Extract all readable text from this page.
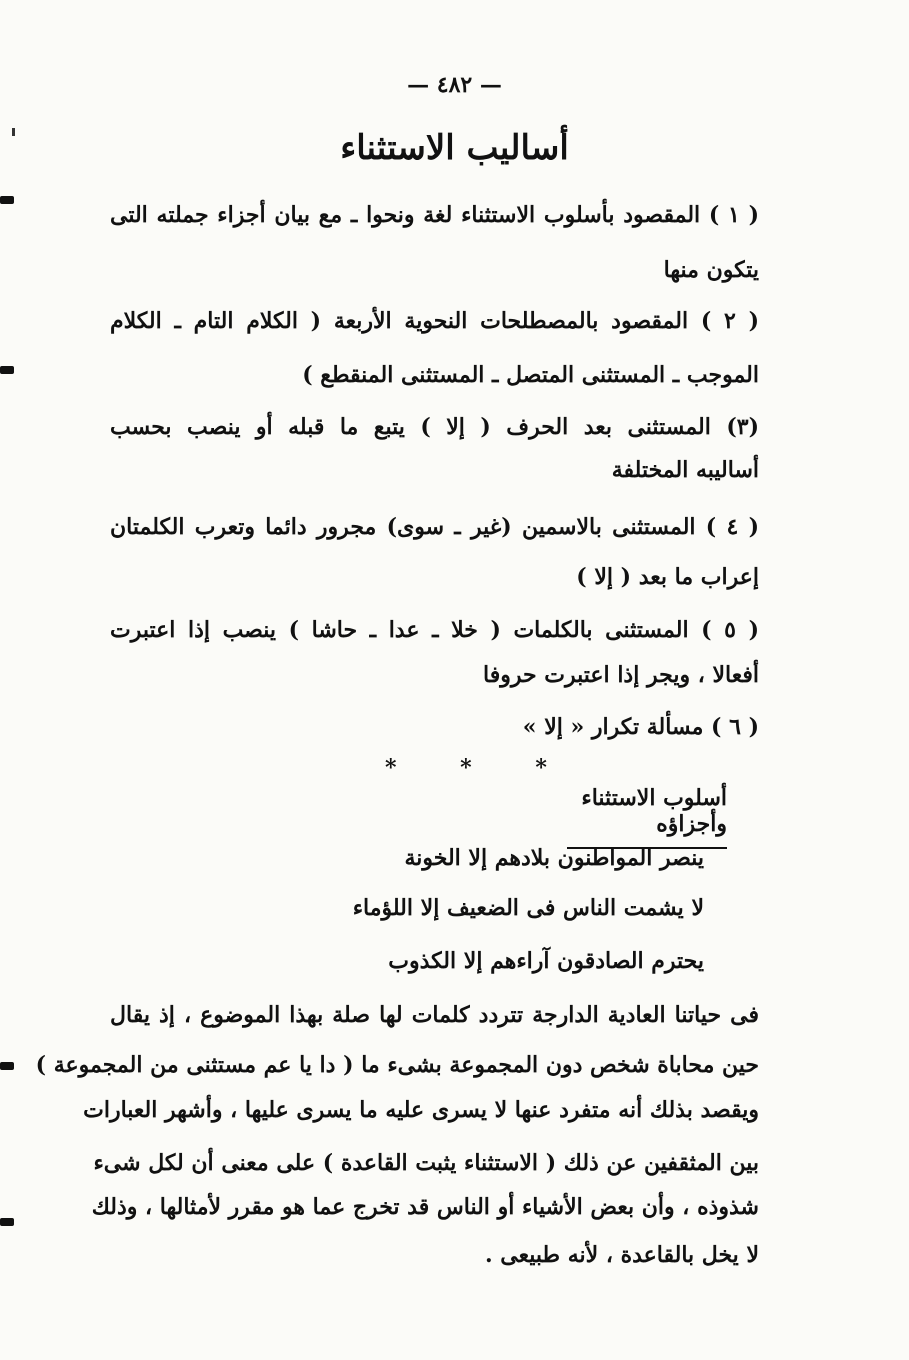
— ٤٨٢ —
أساليب الاستثناء
( ١ ) المقصود بأسلوب الاستثناء لغة ونحوا ـ مع بيان أجزاء جملته التى
يتكون منها
( ٢ ) المقصود بالمصطلحات النحوية الأربعة ( الكلام التام ـ الكلام
الموجب ـ المستثنى المتصل ـ المستثنى المنقطع )
(٣) المستثنى بعد الحرف ( إلا ) يتبع ما قبله أو ينصب بحسب
أساليبه المختلفة
( ٤ ) المستثنى بالاسمين (غير ـ سوى) مجرور دائما وتعرب الكلمتان
إعراب ما بعد ( إلا )
( ٥ ) المستثنى بالكلمات ( خلا ـ عدا ـ حاشا ) ينصب إذا اعتبرت
أفعالا ، ويجر إذا اعتبرت حروفا
( ٦ ) مسألة تكرار « إلا »
* * *
أسلوب الاستثناء وأجزاؤه
ينصر المواطنون بلادهم إلا الخونة
لا يشمت الناس فى الضعيف إلا اللؤماء
يحترم الصادقون آراءهم إلا الكذوب
فى حياتنا العادية الدارجة تتردد كلمات لها صلة بهذا الموضوع ، إذ يقال
حين محاباة شخص دون المجموعة بشىء ما ( دا يا عم مستثنى من المجموعة )
ويقصد بذلك أنه متفرد عنها لا يسرى عليه ما يسرى عليها ، وأشهر العبارات
بين المثقفين عن ذلك ( الاستثناء يثبت القاعدة ) على معنى أن لكل شىء
شذوذه ، وأن بعض الأشياء أو الناس قد تخرج عما هو مقرر لأمثالها ، وذلك
لا يخل بالقاعدة ، لأنه طبيعى .
